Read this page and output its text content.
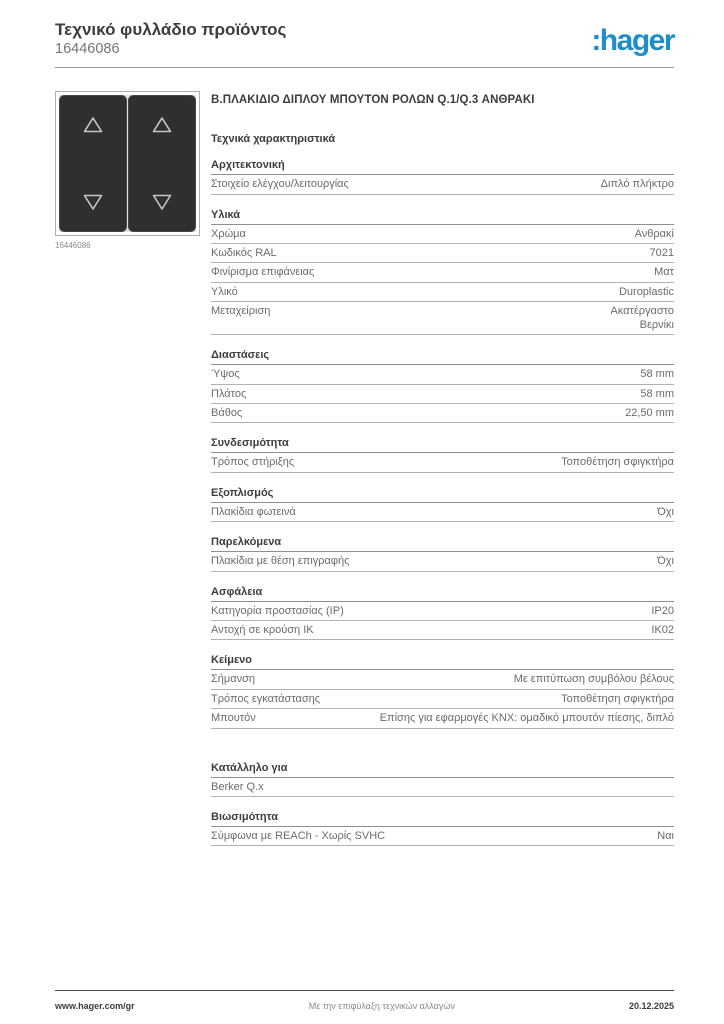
Τεχνικό φυλλάδιο προϊόντος
16446086	:hager
16446086
Β.ΠΛΑΚΙΔΙΟ ΔΙΠΛΟΥ ΜΠΟΥΤΟΝ ΡΟΛΩΝ Q.1/Q.3 ΑΝΘΡΑΚΙ
Τεχνικά χαρακτηριστικά
Αρχιτεκτονική
Στοιχείο ελέγχου/λειτουργίας	Διπλό πλήκτρο
Υλικά
Χρώμα	Ανθρακί
Κωδικός RAL	7021
Φινίρισμα επιφάνειας	Ματ
Υλικό	Duroplastic
Μεταχείριση	Ακατέργαστο Βερνίκι
Διαστάσεις
Ύψος	58 mm
Πλάτος	58 mm
Βάθος	22,50 mm
Συνδεσιμότητα
Τρόπος στήριξης	Τοποθέτηση σφιγκτήρα
Εξοπλισμός
Πλακίδια φωτεινά	Όχι
Παρελκόμενα
Πλακίδια με θέση επιγραφής	Όχι
Ασφάλεια
Κατηγορία προστασίας (IP)	IP20
Αντοχή σε κρούση IK	IK02
Κείμενο
Σήμανση	Με επιτύπωση συμβόλου βέλους
Τρόπος εγκατάστασης	Τοποθέτηση σφιγκτήρα
Μπουτόν	Επίσης για εφαρμογές KNX: ομαδικό μπουτόν πίεσης, διπλό
Κατάλληλο για
Berker Q.x
Βιωσιμότητα
Σύμφωνα με REACh - Χωρίς SVHC	Ναι
www.hager.com/gr	Με την επιφύλαξη τεχνικών αλλαγών	20.12.2025
